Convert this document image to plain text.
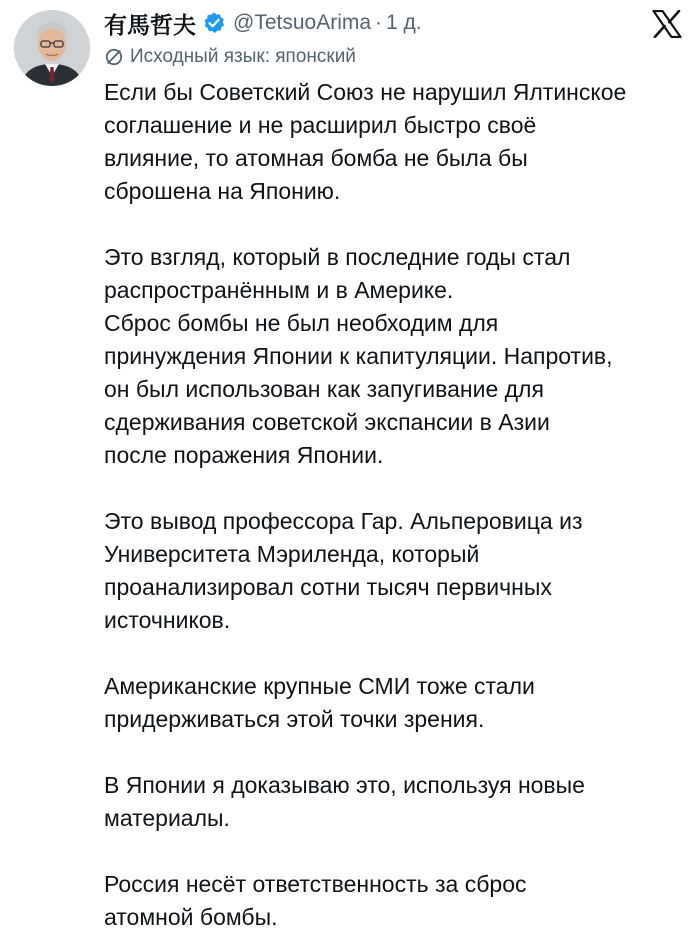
有馬哲夫 @TetsuoArima · 1 д.
Исходный язык: японский

Если бы Советский Союз не нарушил Ялтинское
соглашение и не расширил быстро своё
влияние, то атомная бомба не была бы
сброшена на Японию.

Это взгляд, который в последние годы стал
распространённым и в Америке.
Сброс бомбы не был необходим для
принуждения Японии к капитуляции. Напротив,
он был использован как запугивание для
сдерживания советской экспансии в Азии
после поражения Японии.

Это вывод профессора Гар. Альперовица из
Университета Мэриленда, который
проанализировал сотни тысяч первичных
источников.

Американские крупные СМИ тоже стали
придерживаться этой точки зрения.

В Японии я доказываю это, используя новые
материалы.

Россия несёт ответственность за сброс
атомной бомбы.
